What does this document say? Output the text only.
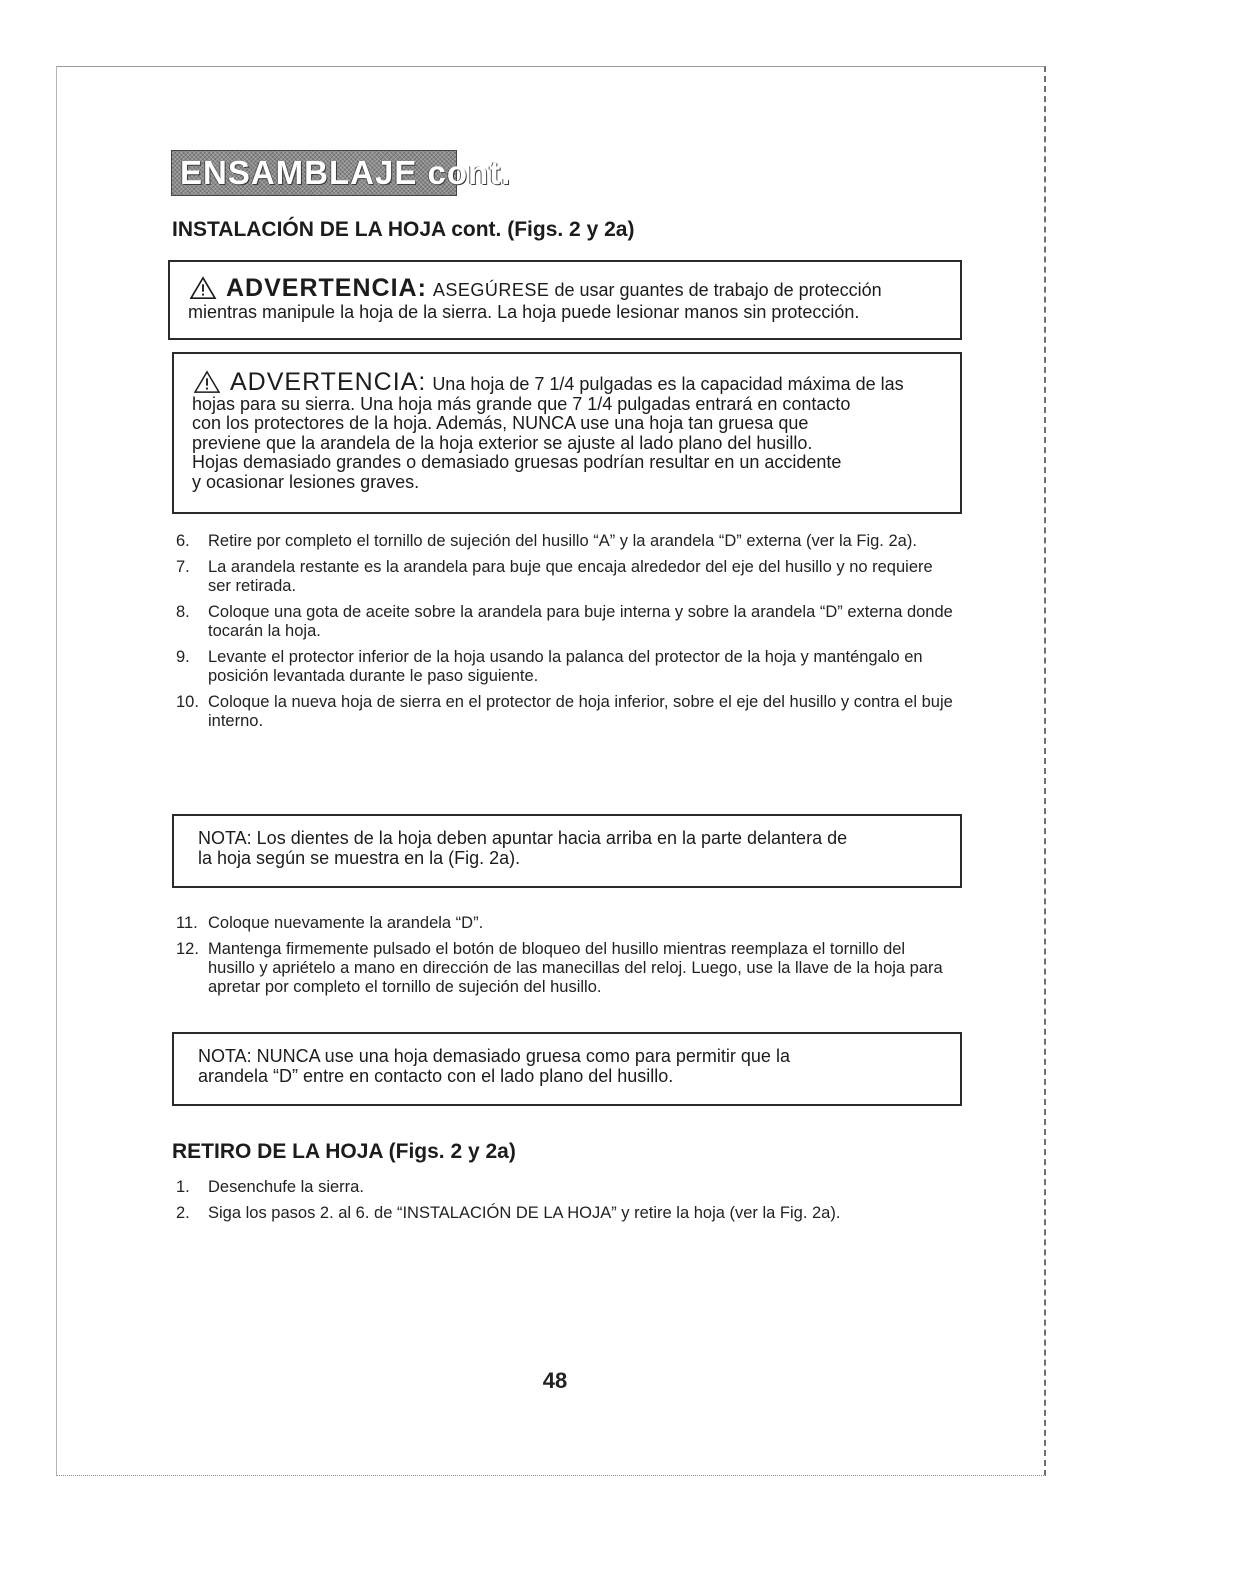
ENSAMBLAJE cont.
INSTALACIÓN DE LA HOJA cont. (Figs. 2 y 2a)
ADVERTENCIA: ASEGÚRESE de usar guantes de trabajo de protección

mientras manipule la hoja de la sierra. La hoja puede lesionar manos sin protección.

ADVERTENCIA: Una hoja de 7 1/4 pulgadas es la capacidad máxima de las

hojas para su sierra. Una hoja más grande que 7 1/4 pulgadas entrará en contacto

con los protectores de la hoja. Además, NUNCA use una hoja tan gruesa que

previene que la arandela de la hoja exterior se ajuste al lado plano del husillo.

Hojas demasiado grandes o demasiado gruesas podrían resultar en un accidente

y ocasionar lesiones graves.

6.	Retire por completo el tornillo de sujeción del husillo “A” y la arandela “D” externa (ver la Fig. 2a).
7.	La arandela restante es la arandela para buje que encaja alrededor del eje del husillo y no requiere ser retirada.
8.	Coloque una gota de aceite sobre la arandela para buje interna y sobre la arandela “D” externa donde tocarán la hoja.
9.	Levante el protector inferior de la hoja usando la palanca del protector de la hoja y manténgalo en posición levantada durante le paso siguiente.
10. Coloque la nueva hoja de sierra en el protector de hoja inferior, sobre el eje del husillo y contra el buje interno.

NOTA: Los dientes de la hoja deben apuntar hacia arriba en la parte delantera de

la hoja según se muestra en la (Fig. 2a).

11. Coloque nuevamente la arandela “D”.
12. Mantenga firmemente pulsado el botón de bloqueo del husillo mientras reemplaza el tornillo del husillo y apriételo a mano en dirección de las manecillas del reloj. Luego, use la llave de la hoja para apretar por completo el tornillo de sujeción del husillo.

NOTA: NUNCA use una hoja demasiado gruesa como para permitir que la

arandela “D” entre en contacto con el lado plano del husillo.

RETIRO DE LA HOJA (Figs. 2 y 2a)
1.	Desenchufe la sierra.
2.	Siga los pasos 2. al 6. de “INSTALACIÓN DE LA HOJA” y retire la hoja (ver la Fig. 2a).
48
